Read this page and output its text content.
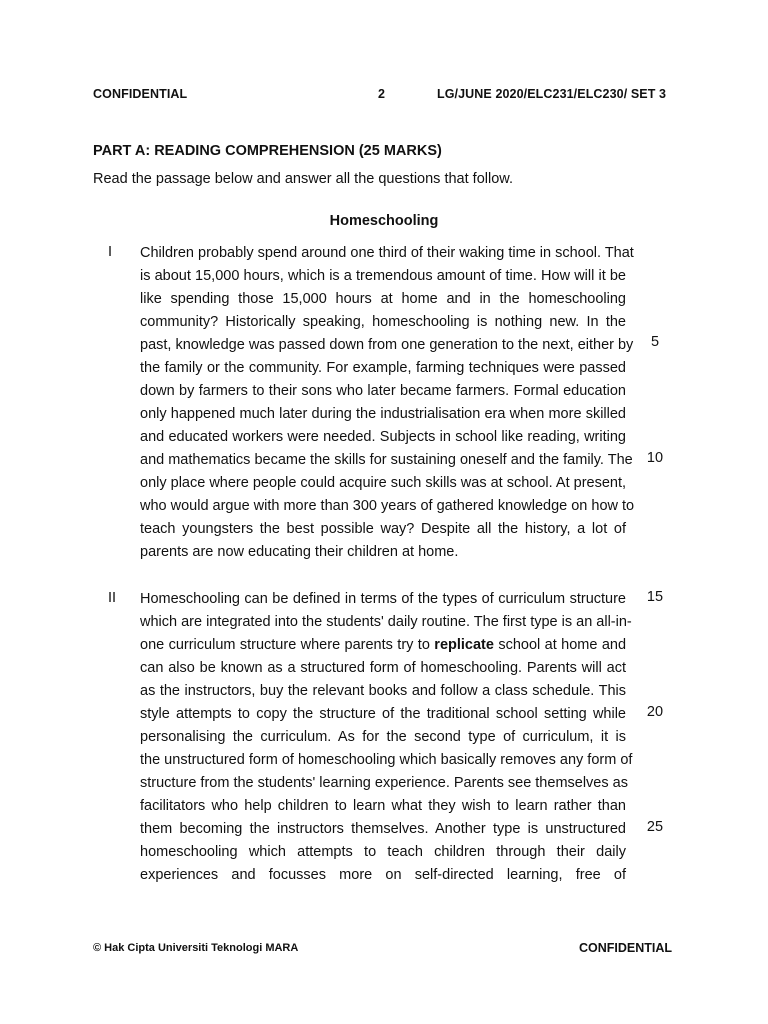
CONFIDENTIAL	2	LG/JUNE 2020/ELC231/ELC230/ SET 3
PART A: READING COMPREHENSION (25 MARKS)
Read the passage below and answer all the questions that follow.
Homeschooling
I Children probably spend around one third of their waking time in school. That
is about 15,000 hours, which is a tremendous amount of time. How will it be
like spending those 15,000 hours at home and in the homeschooling
community? Historically speaking, homeschooling is nothing new. In the
past, knowledge was passed down from one generation to the next, either by
the family or the community. For example, farming techniques were passed
down by farmers to their sons who later became farmers. Formal education
only happened much later during the industrialisation era when more skilled
and educated workers were needed. Subjects in school like reading, writing
and mathematics became the skills for sustaining oneself and the family. The
only place where people could acquire such skills was at school. At present,
who would argue with more than 300 years of gathered knowledge on how to
teach youngsters the best possible way? Despite all the history, a lot of
parents are now educating their children at home.
II Homeschooling can be defined in terms of the types of curriculum structure
which are integrated into the students' daily routine. The first type is an all-in-
one curriculum structure where parents try to replicate school at home and
can also be known as a structured form of homeschooling. Parents will act
as the instructors, buy the relevant books and follow a class schedule. This
style attempts to copy the structure of the traditional school setting while
personalising the curriculum. As for the second type of curriculum, it is
the unstructured form of homeschooling which basically removes any form of
structure from the students' learning experience. Parents see themselves as
facilitators who help children to learn what they wish to learn rather than
them becoming the instructors themselves. Another type is unstructured
homeschooling which attempts to teach children through their daily
experiences and focusses more on self-directed learning, free of
5
10
15
20
25
© Hak Cipta Universiti Teknologi MARA	CONFIDENTIAL
